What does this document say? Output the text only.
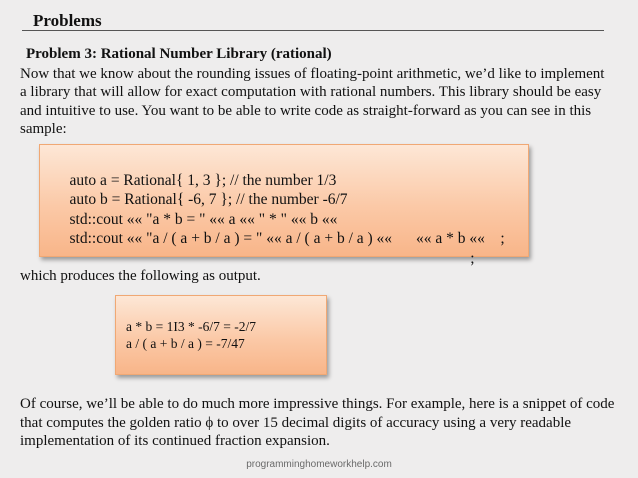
Problems
Problem 3: Rational Number Library (rational)
Now that we know about the rounding issues of floating-point arithmetic, we’d like to implement a library that will allow for exact computation with rational numbers. This library should be easy and intuitive to use. You want to be able to write code as straight-forward as you can see in this sample:

auto a = Rational{ 1, 3 }; // the number 1/3

auto b = Rational{ -6, 7 }; // the number -6/7

std::cout «« "a * b = " «« a «« " * " «« b ««

«« a * b ««    ;

std::cout «« "a / ( a + b / a ) = " «« a / ( a + b / a ) ««

;

which produces the following as output.
a * b = 1I3 * -6/7 = -2/7
a / ( a + b / a ) = -7/47
Of course, we’ll be able to do much more impressive things. For example, here is a snippet of code that computes the golden ratio ϕ to over 15 decimal digits of accuracy using a very readable implementation of its continued fraction expansion.
programminghomeworkhelp.com
